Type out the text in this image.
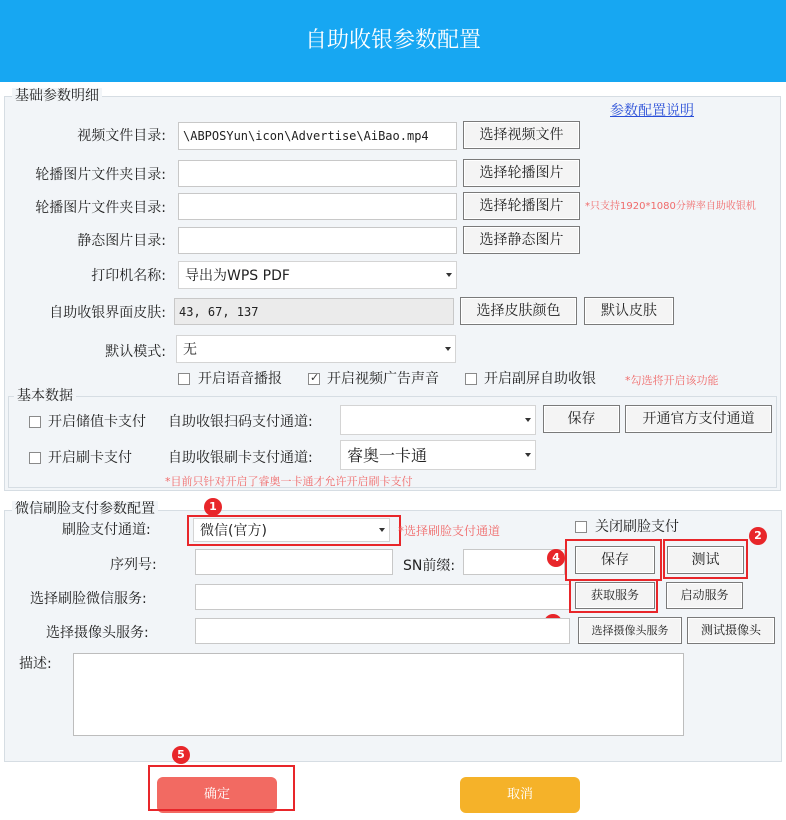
自助收银参数配置
基础参数明细
参数配置说明
视频文件目录:	\ABPOSYun\icon\Advertise\AiBao.mp4	选择视频文件
轮播图片文件夹目录:	选择轮播图片
轮播图片文件夹目录:	选择轮播图片	*只支持1920*1080分辨率自助收银机
静态图片目录:	选择静态图片
打印机名称:	导出为WPS PDF
自助收银界面皮肤:	43, 67, 137	选择皮肤颜色	默认皮肤
默认模式:	无
开启语音播报
✓	开启视频广告声音	开启副屏自助收银	*勾选将开启该功能
基本数据
开启储值卡支付 自助收银扫码支付通道:	保存	开通官方支付通道
开启刷卡支付	自助收银刷卡支付通道:	睿奥一卡通
*目前只针对开启了睿奥一卡通才允许开启刷卡支付
微信刷脸支付参数配置
刷脸支付通道:	微信(官方)
1
*选择刷脸支付通道	关闭刷脸支付
序列号:	SN前缀:	保存
4	测试
2
选择刷脸微信服务:	获取服务	启动服务
选择摄像头服务:	选择摄像头服务	测试摄像头
描述:
确定
5
取消
